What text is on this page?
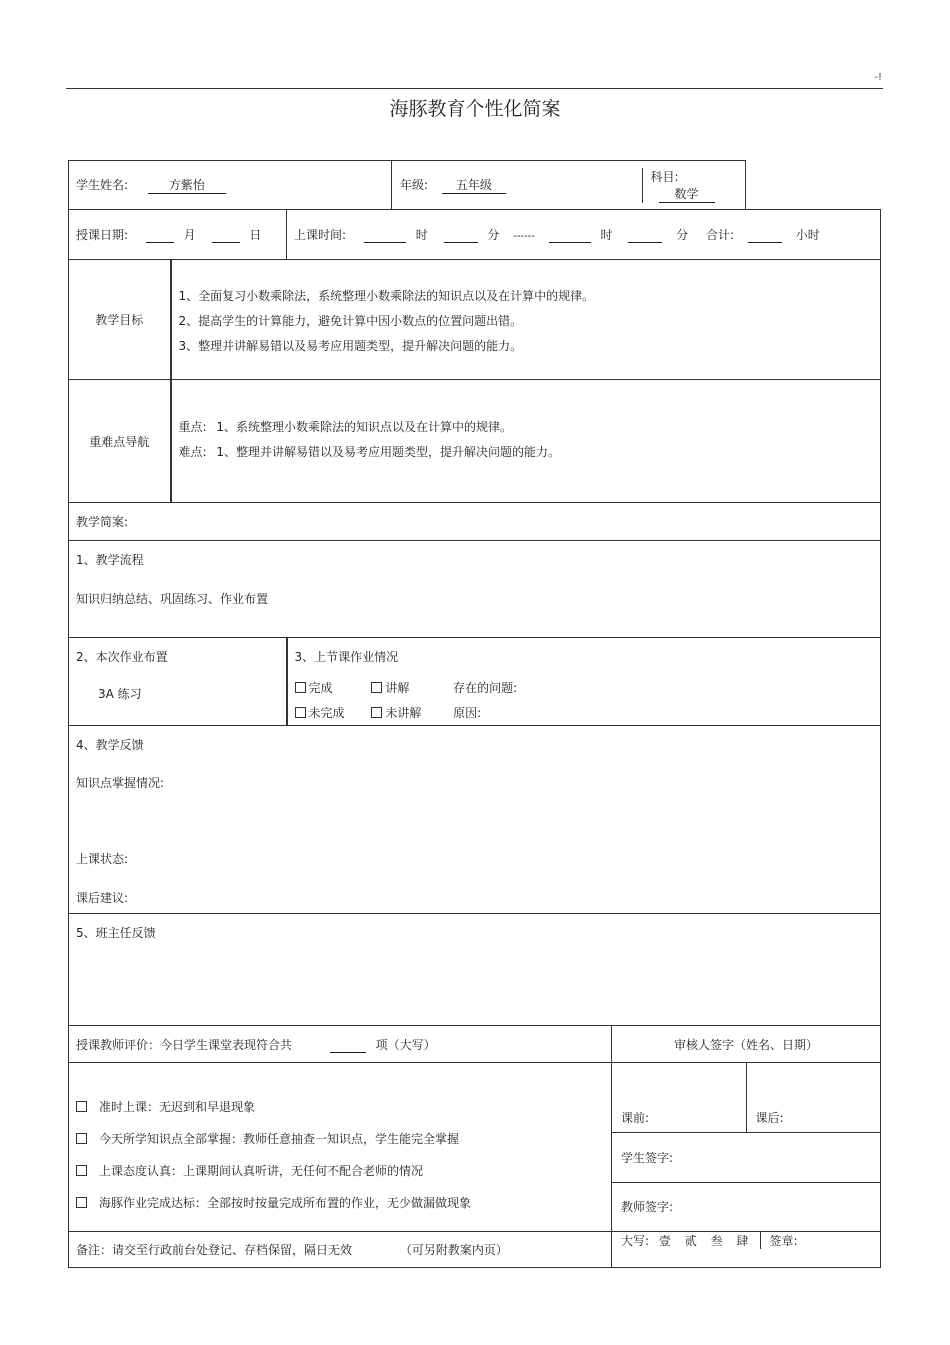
-!
海豚教育个性化简案
学生姓名:	方紫怡		年级: 五年级	科目: 数学

授课日期:	月	日	上课时间:	时	分 ------	时	分 合计:	小时
教学目标	
1、全面复习小数乘除法，系统整理小数乘除法的知识点以及在计算中的规律。
2、提高学生的计算能力，避免计算中因小数点的位置问题出错。
3、整理并讲解易错以及易考应用题类型，提升解决问题的能力。

重难点导航	
重点: 1、系统整理小数乘除法的知识点以及在计算中的规律。
难点: 1、整理并讲解易错以及易考应用题类型，提升解决问题的能力。

教学简案:

1、教学流程
知识归纳总结、巩固练习、作业布置

2、本次作业布置
3A 练习

3、上节课作业情况
完成	讲解	存在的问题:
未完成	未讲解	原因:

4、教学反馈
知识点掌握情况:
上课状态:
课后建议:

5、班主任反馈

授课教师评价：今日学生课堂表现符合共	项（大写）	审核人签字（姓名、日期）

准时上课：无迟到和早退现象
今天所学知识点全部掌握：教师任意抽查一知识点，学生能完全掌握
上课态度认真：上课期间认真听讲，无任何不配合老师的情况
海豚作业完成达标：全部按时按量完成所布置的作业，无少做漏做现象

课前:	课后:
学生签字:
教师签字:

备注：请交至行政前台处登记、存档保留，隔日无效	（可另附教案内页）	
大写: 壹 贰 叁 肆	签章:
